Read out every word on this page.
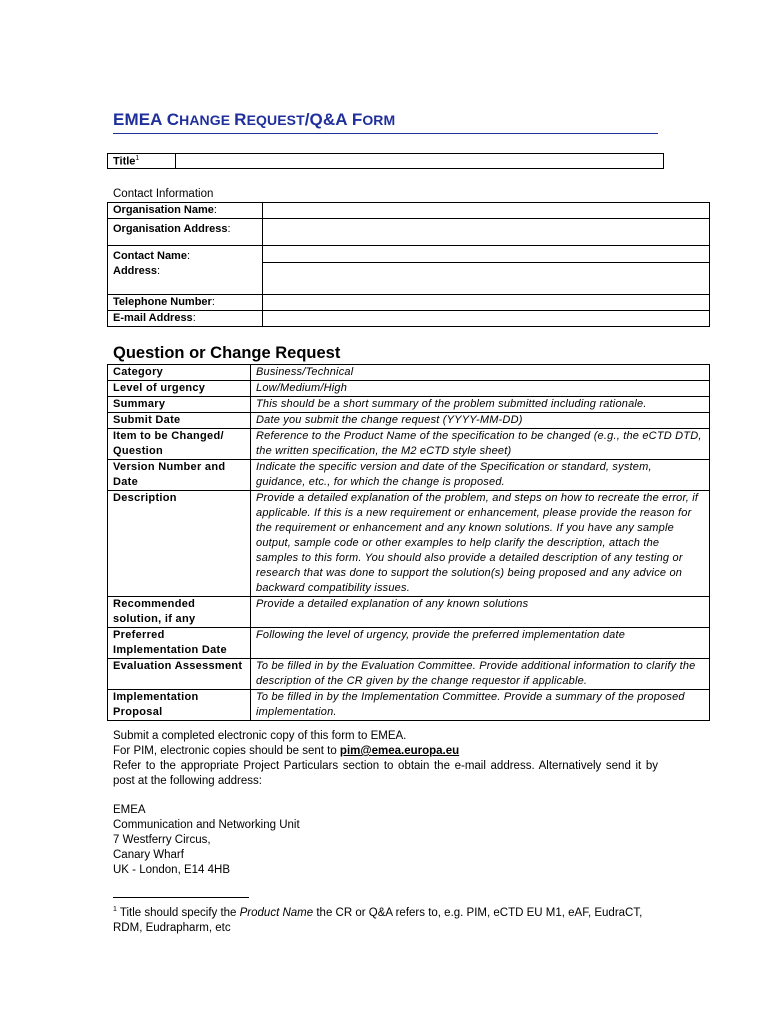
EMEA CHANGE REQUEST/Q&A FORM
Title$^1$
Contact Information
Organisation Name:	
Organisation Address:	
Contact Name:
Address:

Telephone Number:	
E-mail Address:	
Question or Change Request
Category	Business/Technical
Level of urgency	Low/Medium/High
Summary	This should be a short summary of the problem submitted including rationale.
Submit Date	Date you submit the change request (YYYY-MM-DD)
Item to be Changed/ Question	Reference to the Product Name of the specification to be changed (e.g., the eCTD DTD, the written specification, the M2 eCTD style sheet)
Version Number and Date	Indicate the specific version and date of the Specification or standard, system, guidance, etc., for which the change is proposed.
Description	Provide a detailed explanation of the problem, and steps on how to recreate the error, if applicable. If this is a new requirement or enhancement, please provide the reason for the requirement or enhancement and any known solutions. If you have any sample output, sample code or other examples to help clarify the description, attach the samples to this form. You should also provide a detailed description of any testing or research that was done to support the solution(s) being proposed and any advice on backward compatibility issues.
Recommended solution, if any	Provide a detailed explanation of any known solutions
Preferred Implementation Date	Following the level of urgency, provide the preferred implementation date
Evaluation Assessment	To be filled in by the Evaluation Committee. Provide additional information to clarify the description of the CR given by the change requestor if applicable.
Implementation Proposal	To be filled in by the Implementation Committee. Provide a summary of the proposed implementation.
Submit a completed electronic copy of this form to EMEA.
For PIM, electronic copies should be sent to pim@emea.europa.eu
Refer to the appropriate Project Particulars section to obtain the e-mail address. Alternatively send it by post at the following address:
EMEA
Communication and Networking Unit
7 Westferry Circus,
Canary Wharf
UK - London, E14 4HB
$^1$ Title should specify the Product Name the CR or Q&A refers to, e.g. PIM, eCTD EU M1, eAF, EudraCT, RDM, Eudrapharm, etc
